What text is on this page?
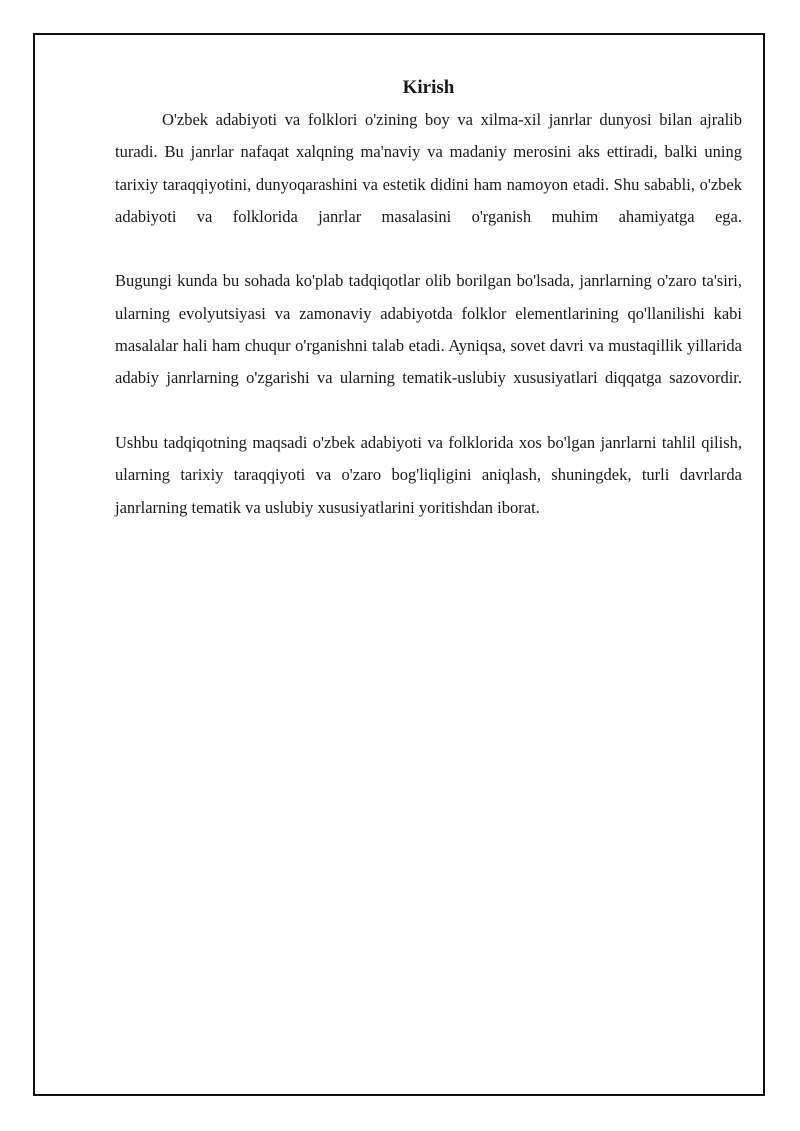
Kirish

O'zbek adabiyoti va folklori o'zining boy va xilma-xil janrlar dunyosi bilan ajralib turadi. Bu janrlar nafaqat xalqning ma'naviy va madaniy merosini aks ettiradi, balki uning tarixiy taraqqiyotini, dunyoqarashini va estetik didini ham namoyon etadi. Shu sababli, o'zbek adabiyoti va folklorida janrlar masalasini o'rganish muhim ahamiyatga ega.

Bugungi kunda bu sohada ko'plab tadqiqotlar olib borilgan bo'lsada, janrlarning o'zaro ta'siri, ularning evolyutsiyasi va zamonaviy adabiyotda folklor elementlarining qo'llanilishi kabi masalalar hali ham chuqur o'rganishni talab etadi. Ayniqsa, sovet davri va mustaqillik yillarida adabiy janrlarning o'zgarishi va ularning tematik-uslubiy xususiyatlari diqqatga sazovordir.

Ushbu tadqiqotning maqsadi o'zbek adabiyoti va folklorida xos bo'lgan janrlarni tahlil qilish, ularning tarixiy taraqqiyoti va o'zaro bog'liqligini aniqlash, shuningdek, turli davrlarda janrlarning tematik va uslubiy xususiyatlarini yoritishdan iborat.
